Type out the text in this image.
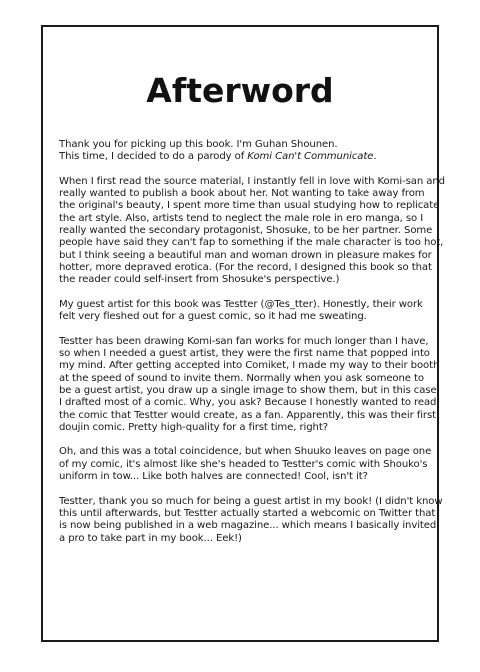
Afterword

Thank you for picking up this book. I'm Guhan Shounen.
This time, I decided to do a parody of Komi Can't Communicate.

When I first read the source material, I instantly fell in love with Komi-san and
really wanted to publish a book about her. Not wanting to take away from
the original's beauty, I spent more time than usual studying how to replicate
the art style. Also, artists tend to neglect the male role in ero manga, so I
really wanted the secondary protagonist, Shosuke, to be her partner. Some
people have said they can't fap to something if the male character is too hot,
but I think seeing a beautiful man and woman drown in pleasure makes for
hotter, more depraved erotica. (For the record, I designed this book so that
the reader could self-insert from Shosuke's perspective.)

My guest artist for this book was Testter (@Tes_tter). Honestly, their work
felt very fleshed out for a guest comic, so it had me sweating.

Testter has been drawing Komi-san fan works for much longer than I have,
so when I needed a guest artist, they were the first name that popped into
my mind. After getting accepted into Comiket, I made my way to their booth
at the speed of sound to invite them. Normally when you ask someone to
be a guest artist, you draw up a single image to show them, but in this case
I drafted most of a comic. Why, you ask? Because I honestly wanted to read
the comic that Testter would create, as a fan. Apparently, this was their first
doujin comic. Pretty high-quality for a first time, right?

Oh, and this was a total coincidence, but when Shuuko leaves on page one
of my comic, it's almost like she's headed to Testter's comic with Shouko's
uniform in tow... Like both halves are connected! Cool, isn't it?

Testter, thank you so much for being a guest artist in my book! (I didn't know
this until afterwards, but Testter actually started a webcomic on Twitter that
is now being published in a web magazine... which means I basically invited
a pro to take part in my book... Eek!)
